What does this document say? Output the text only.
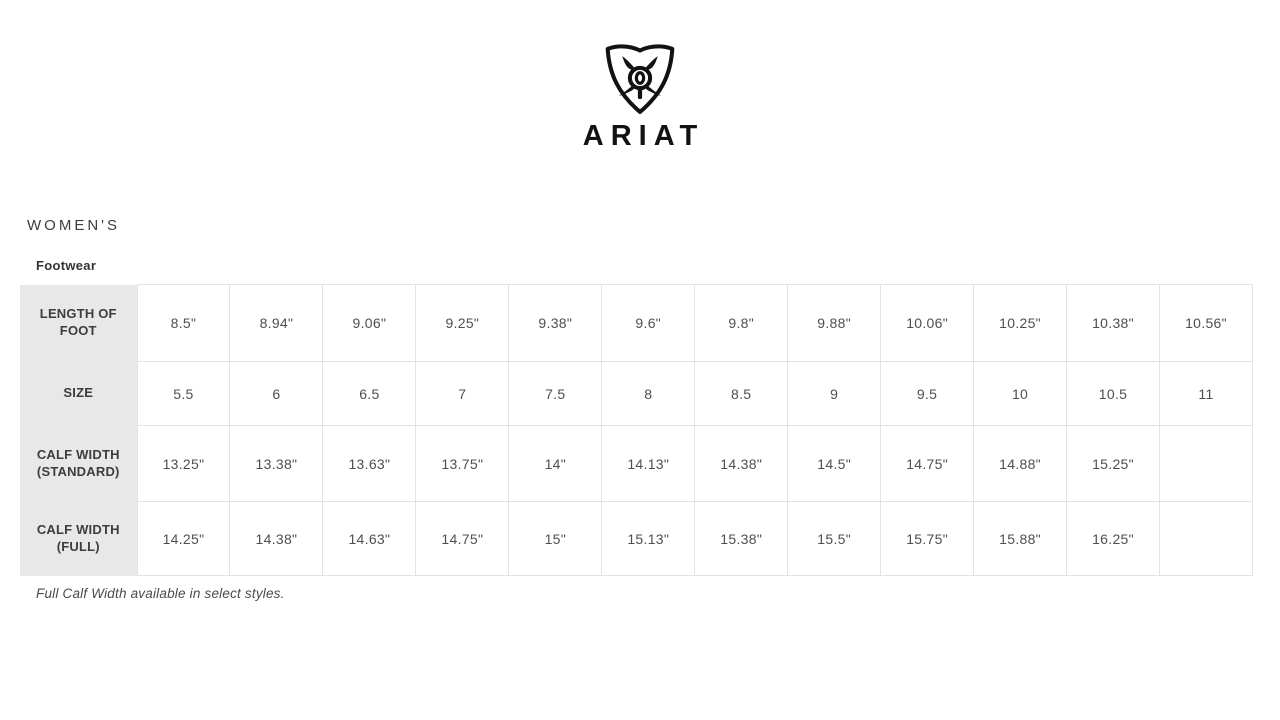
ARIAT
WOMEN'S
Footwear
LENGTH OF FOOT	8.5"	8.94"	9.06"	9.25"	9.38"	9.6"	9.8"	9.88"	10.06"	10.25"	10.38"	10.56"
SIZE	5.5	6	6.5	7	7.5	8	8.5	9	9.5	10	10.5	11
CALF WIDTH (STANDARD)	13.25"	13.38"	13.63"	13.75"	14"	14.13"	14.38"	14.5"	14.75"	14.88"	15.25"	
CALF WIDTH (FULL)	14.25"	14.38"	14.63"	14.75"	15"	15.13"	15.38"	15.5"	15.75"	15.88"	16.25"	
Full Calf Width available in select styles.
